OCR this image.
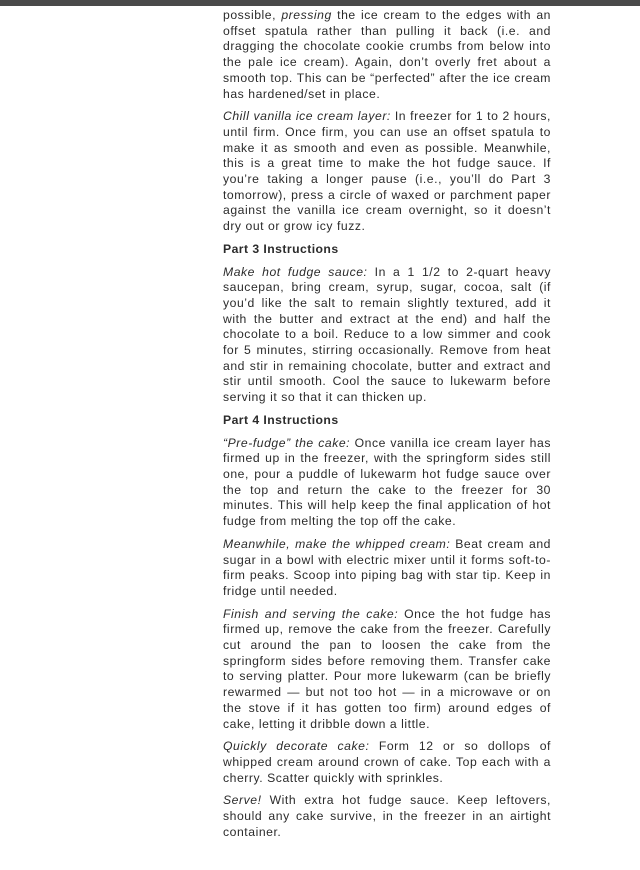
possible, pressing the ice cream to the edges with an offset spatula rather than pulling it back (i.e. and dragging the chocolate cookie crumbs from below into the pale ice cream). Again, don’t overly fret about a smooth top. This can be “perfected” after the ice cream has hardened/set in place.

Chill vanilla ice cream layer: In freezer for 1 to 2 hours, until firm. Once firm, you can use an offset spatula to make it as smooth and even as possible. Meanwhile, this is a great time to make the hot fudge sauce. If you’re taking a longer pause (i.e., you’ll do Part 3 tomorrow), press a circle of waxed or parchment paper against the vanilla ice cream overnight, so it doesn’t dry out or grow icy fuzz.

Part 3 Instructions

Make hot fudge sauce: In a 1 1/2 to 2-quart heavy saucepan, bring cream, syrup, sugar, cocoa, salt (if you’d like the salt to remain slightly textured, add it with the butter and extract at the end) and half the chocolate to a boil. Reduce to a low simmer and cook for 5 minutes, stirring occasionally. Remove from heat and stir in remaining chocolate, butter and extract and stir until smooth. Cool the sauce to lukewarm before serving it so that it can thicken up.

Part 4 Instructions

“Pre-fudge” the cake: Once vanilla ice cream layer has firmed up in the freezer, with the springform sides still one, pour a puddle of lukewarm hot fudge sauce over the top and return the cake to the freezer for 30 minutes. This will help keep the final application of hot fudge from melting the top off the cake.

Meanwhile, make the whipped cream: Beat cream and sugar in a bowl with electric mixer until it forms soft-to-firm peaks. Scoop into piping bag with star tip. Keep in fridge until needed.

Finish and serving the cake: Once the hot fudge has firmed up, remove the cake from the freezer. Carefully cut around the pan to loosen the cake from the springform sides before removing them. Transfer cake to serving platter. Pour more lukewarm (can be briefly rewarmed — but not too hot — in a microwave or on the stove if it has gotten too firm) around edges of cake, letting it dribble down a little.

Quickly decorate cake: Form 12 or so dollops of whipped cream around crown of cake. Top each with a cherry. Scatter quickly with sprinkles.

Serve! With extra hot fudge sauce. Keep leftovers, should any cake survive, in the freezer in an airtight container.
